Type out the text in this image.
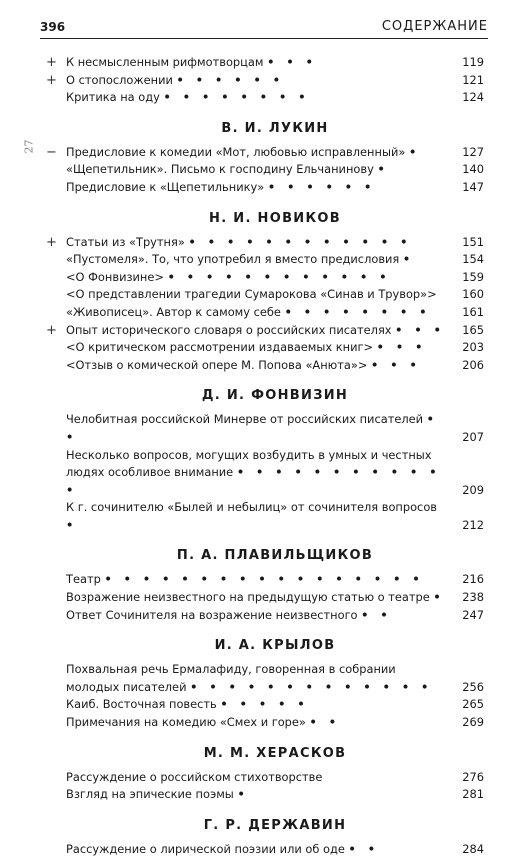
396	СОДЕРЖАНИЕ
27
+ К несмысленным рифмотворцам • • •	119
+ О стопосложении • • • • • •	121
Критика на оду • • • • • • • •	124
В. И. ЛУКИН
− Предисловие к комедии «Мот, любовью исправленный» •	127
«Щепетильник». Письмо к господину Ельчанинову •	140
Предисловие к «Щепетильнику» • • • • • •	147
Н. И. НОВИКОВ
+ Статьи из «Трутня» • • • • • • • • • • • •	151
«Пустомеля». То, что употребил я вместо предисловия •	154
<О Фонвизине> • • • • • • • • • • • •	159
<О представлении трагедии Сумарокова «Синав и Трувор»> 160
«Живописец». Автор к самому себе • • • • • • • •	161
+ Опыт исторического словаря о российских писателях • • • 165
<О критическом рассмотрении издаваемых книг> • • •	203
<Отзыв о комической опере М. Попова «Анюта»> • • •	206
Д. И. ФОНВИЗИН
Челобитная российской Минерве от российских писателей • •	207
Несколько вопросов, могущих возбудить в умных и честных людях особливое внимание • • • • • • • • • • • •	209
К г. сочинителю «Былей и небылиц» от сочинителя вопросов •	212
П. А. ПЛАВИЛЬЩИКОВ
Театр • • • • • • • • • • • • • • • • •	216
Возражение неизвестного на предыдущую статью о театре • 238
Ответ Сочинителя на возражение неизвестного • •	247
И. А. КРЫЛОВ
Похвальная речь Ермалафиду, говоренная в собрании молодых писателей • • • • • • • • • • • • •	256
Каиб. Восточная повесть • • • • •	265
Примечания на комедию «Смех и горе» • •	269
М. М. ХЕРАСКОВ
Рассуждение о российском стихотворстве	276
Взгляд на эпические поэмы •	281
Г. Р. ДЕРЖАВИН
Рассуждение о лирической поэзии или об оде • •	284
